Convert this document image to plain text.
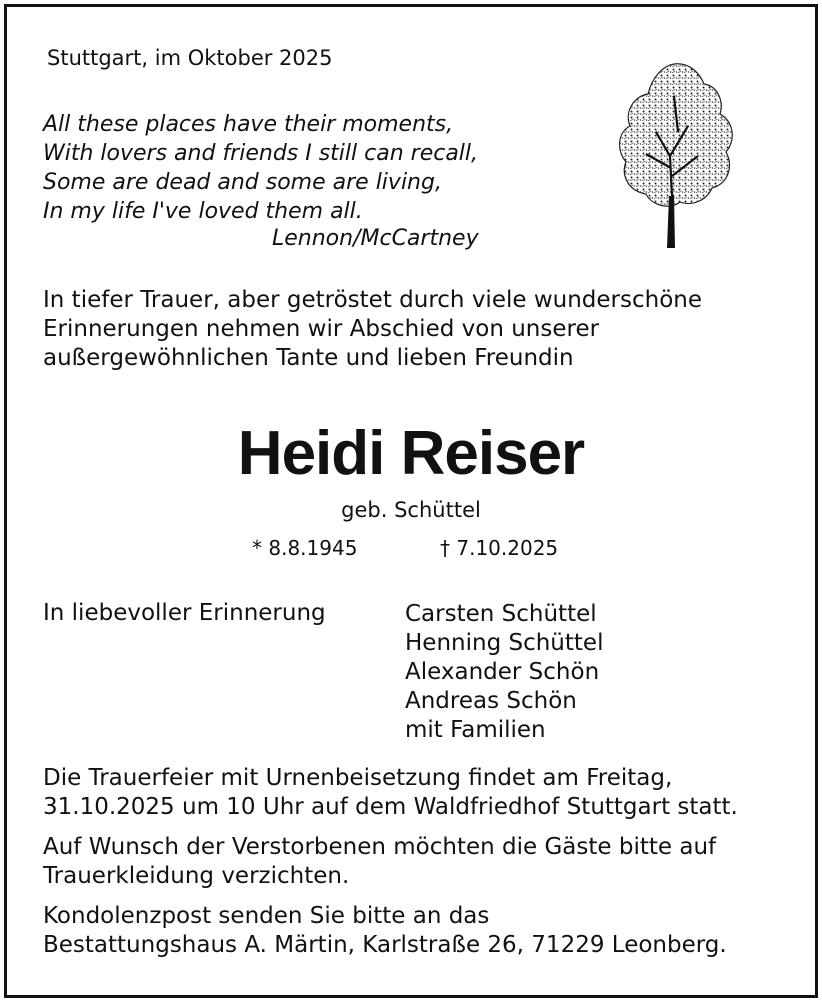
Stuttgart, im Oktober 2025
All these places have their moments,
With lovers and friends I still can recall,
Some are dead and some are living,
In my life I've loved them all.
Lennon/McCartney
In tiefer Trauer, aber getröstet durch viele wunderschöne
Erinnerungen nehmen wir Abschied von unserer
außergewöhnlichen Tante und lieben Freundin
Heidi Reiser
geb. Schüttel
* 8.8.1945	† 7.10.2025
In liebevoller Erinnerung	Carsten Schüttel
Henning Schüttel
Alexander Schön
Andreas Schön
mit Familien
Die Trauerfeier mit Urnenbeisetzung findet am Freitag,
31.10.2025 um 10 Uhr auf dem Waldfriedhof Stuttgart statt.
Auf Wunsch der Verstorbenen möchten die Gäste bitte auf
Trauerkleidung verzichten.
Kondolenzpost senden Sie bitte an das
Bestattungshaus A. Märtin, Karlstraße 26, 71229 Leonberg.
